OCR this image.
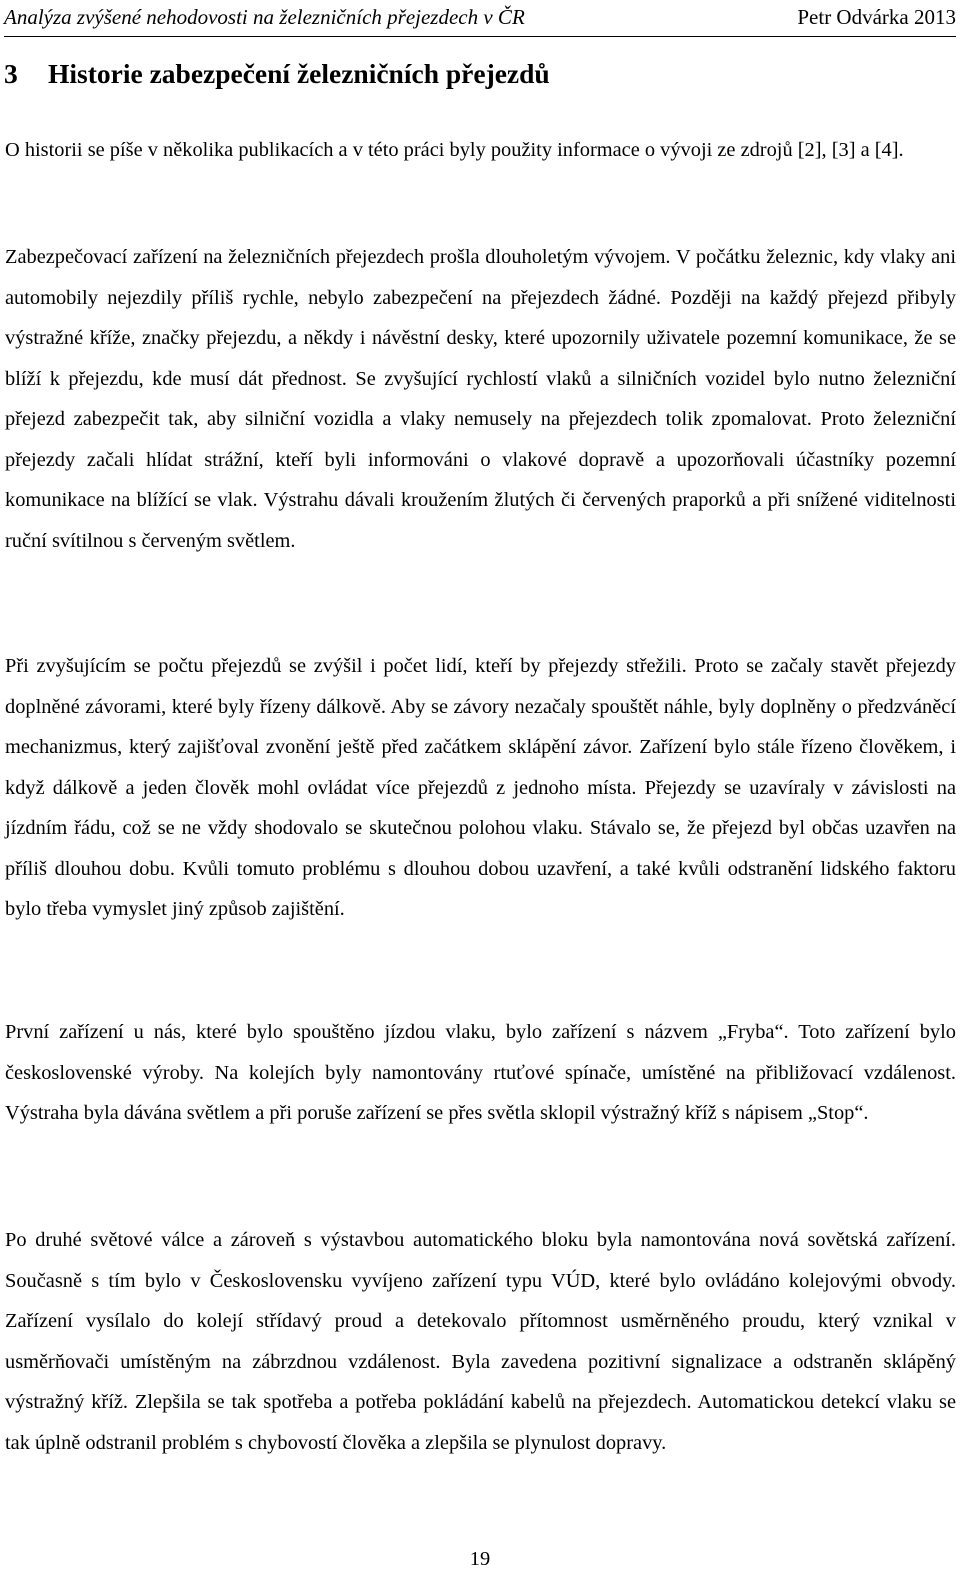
Analýza zvýšené nehodovosti na železničních přejezdech v ČR	Petr Odvárka 2013
3 Historie zabezpečení železničních přejezdů

O historii se píše v několika publikacích a v této práci byly použity informace o vývoji ze zdrojů [2], [3] a [4].

Zabezpečovací zařízení na železničních přejezdech prošla dlouholetým vývojem. V počátku železnic, kdy vlaky ani automobily nejezdily příliš rychle, nebylo zabezpečení na přejezdech žádné. Později na každý přejezd přibyly výstražné kříže, značky přejezdu, a někdy i návěstní desky, které upozornily uživatele pozemní komunikace, že se blíží k přejezdu, kde musí dát přednost. Se zvyšující rychlostí vlaků a silničních vozidel bylo nutno železniční přejezd zabezpečit tak, aby silniční vozidla a vlaky nemusely na přejezdech tolik zpomalovat. Proto železniční přejezdy začali hlídat strážní, kteří byli informováni o vlakové dopravě a upozorňovali účastníky pozemní komunikace na blížící se vlak. Výstrahu dávali kroužením žlutých či červených praporků a při snížené viditelnosti ruční svítilnou s červeným světlem.

Při zvyšujícím se počtu přejezdů se zvýšil i počet lidí, kteří by přejezdy střežili. Proto se začaly stavět přejezdy doplněné závorami, které byly řízeny dálkově. Aby se závory nezačaly spouštět náhle, byly doplněny o předzváněcí mechanizmus, který zajišťoval zvonění ještě před začátkem sklápění závor. Zařízení bylo stále řízeno člověkem, i když dálkově a jeden člověk mohl ovládat více přejezdů z jednoho místa. Přejezdy se uzavíraly v závislosti na jízdním řádu, což se ne vždy shodovalo se skutečnou polohou vlaku. Stávalo se, že přejezd byl občas uzavřen na příliš dlouhou dobu. Kvůli tomuto problému s dlouhou dobou uzavření, a také kvůli odstranění lidského faktoru bylo třeba vymyslet jiný způsob zajištění.

První zařízení u nás, které bylo spouštěno jízdou vlaku, bylo zařízení s názvem „Fryba“. Toto zařízení bylo československé výroby. Na kolejích byly namontovány rtuťové spínače, umístěné na přibližovací vzdálenost. Výstraha byla dávána světlem a při poruše zařízení se přes světla sklopil výstražný kříž s nápisem „Stop“.

Po druhé světové válce a zároveň s výstavbou automatického bloku byla namontována nová sovětská zařízení. Současně s tím bylo v Československu vyvíjeno zařízení typu VÚD, které bylo ovládáno kolejovými obvody. Zařízení vysílalo do kolejí střídavý proud a detekovalo přítomnost usměrněného proudu, který vznikal v usměrňovači umístěným na zábrzdnou vzdálenost. Byla zavedena pozitivní signalizace a odstraněn sklápěný výstražný kříž. Zlepšila se tak spotřeba a potřeba pokládání kabelů na přejezdech. Automatickou detekcí vlaku se tak úplně odstranil problém s chybovostí člověka a zlepšila se plynulost dopravy.

19
